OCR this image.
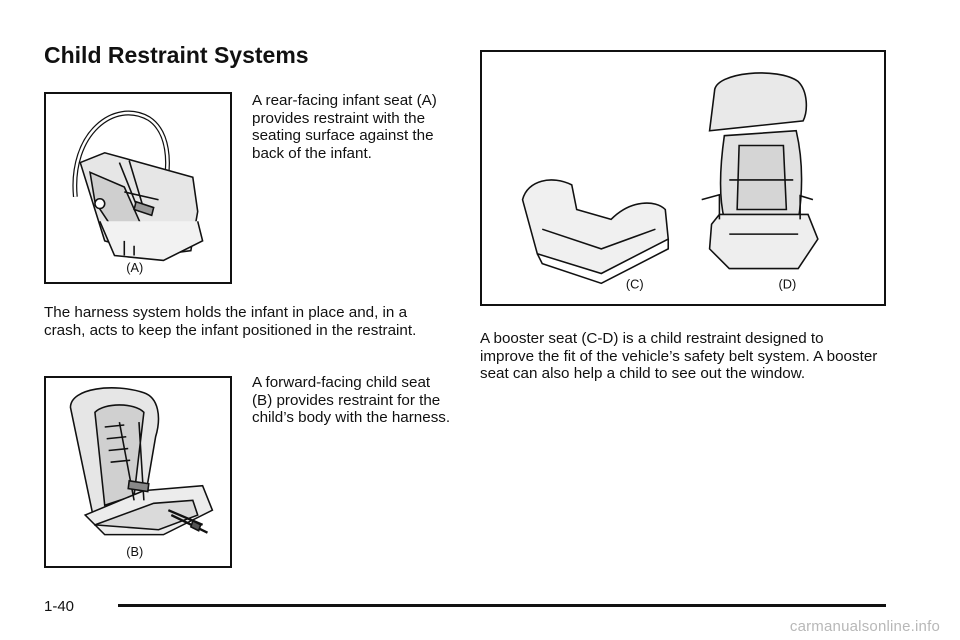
Child Restraint Systems
(A)

A rear-facing infant seat (A) provides restraint with the seating surface against the back of the infant.

The harness system holds the infant in place and, in a crash, acts to keep the infant positioned in the restraint.

(B)

A forward-facing child seat (B) provides restraint for the child’s body with the harness.

(C)	(D)

A booster seat (C-D) is a child restraint designed to improve the fit of the vehicle’s safety belt system. A booster seat can also help a child to see out the window.

1-40
carmanualsonline.info
